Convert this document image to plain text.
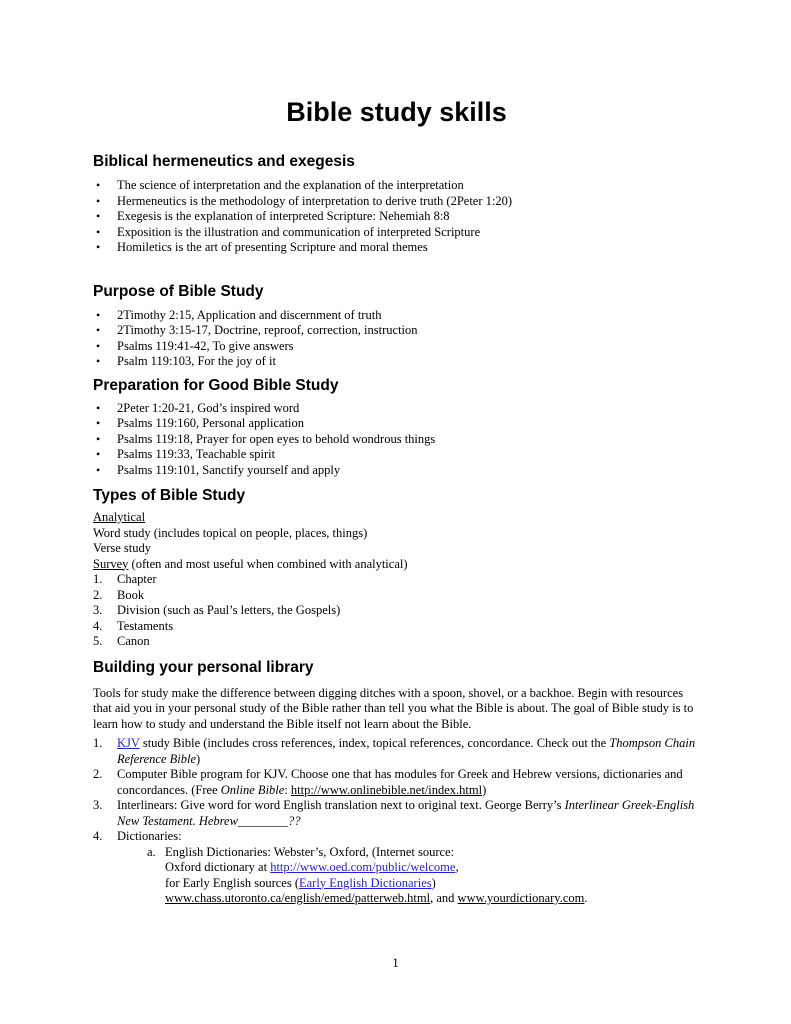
Bible study skills
Biblical hermeneutics and exegesis
• The science of interpretation and the explanation of the interpretation
• Hermeneutics is the methodology of interpretation to derive truth (2Peter 1:20)
• Exegesis is the explanation of interpreted Scripture: Nehemiah 8:8
• Exposition is the illustration and communication of interpreted Scripture
• Homiletics is the art of presenting Scripture and moral themes
Purpose of Bible Study
• 2Timothy 2:15, Application and discernment of truth
• 2Timothy 3:15-17, Doctrine, reproof, correction, instruction
• Psalms 119:41-42, To give answers
• Psalm 119:103, For the joy of it
Preparation for Good Bible Study
• 2Peter 1:20-21, God’s inspired word
• Psalms 119:160, Personal application
• Psalms 119:18, Prayer for open eyes to behold wondrous things
• Psalms 119:33, Teachable spirit
• Psalms 119:101, Sanctify yourself and apply
Types of Bible Study
Analytical
Word study (includes topical on people, places, things)
Verse study
Survey (often and most useful when combined with analytical)
1. Chapter
2. Book
3. Division (such as Paul’s letters, the Gospels)
4. Testaments
5. Canon
Building your personal library

Tools for study make the difference between digging ditches with a spoon, shovel, or a backhoe. Begin with resources that aid you in your personal study of the Bible rather than tell you what the Bible is about. The goal of Bible study is to learn how to study and understand the Bible itself not learn about the Bible.

1. KJV study Bible (includes cross references, index, topical references, concordance. Check out the Thompson Chain Reference Bible)
2. Computer Bible program for KJV. Choose one that has modules for Greek and Hebrew versions, dictionaries and concordances. (Free Online Bible: http://www.onlinebible.net/index.html)
3. Interlinears: Give word for word English translation next to original text. George Berry’s Interlinear Greek-English New Testament. Hebrew________??
4. Dictionaries:
a. English Dictionaries: Webster’s, Oxford, (Internet source:
Oxford dictionary at http://www.oed.com/public/welcome,
for Early English sources (Early English Dictionaries)
www.chass.utoronto.ca/english/emed/patterweb.html, and www.yourdictionary.com.
1
